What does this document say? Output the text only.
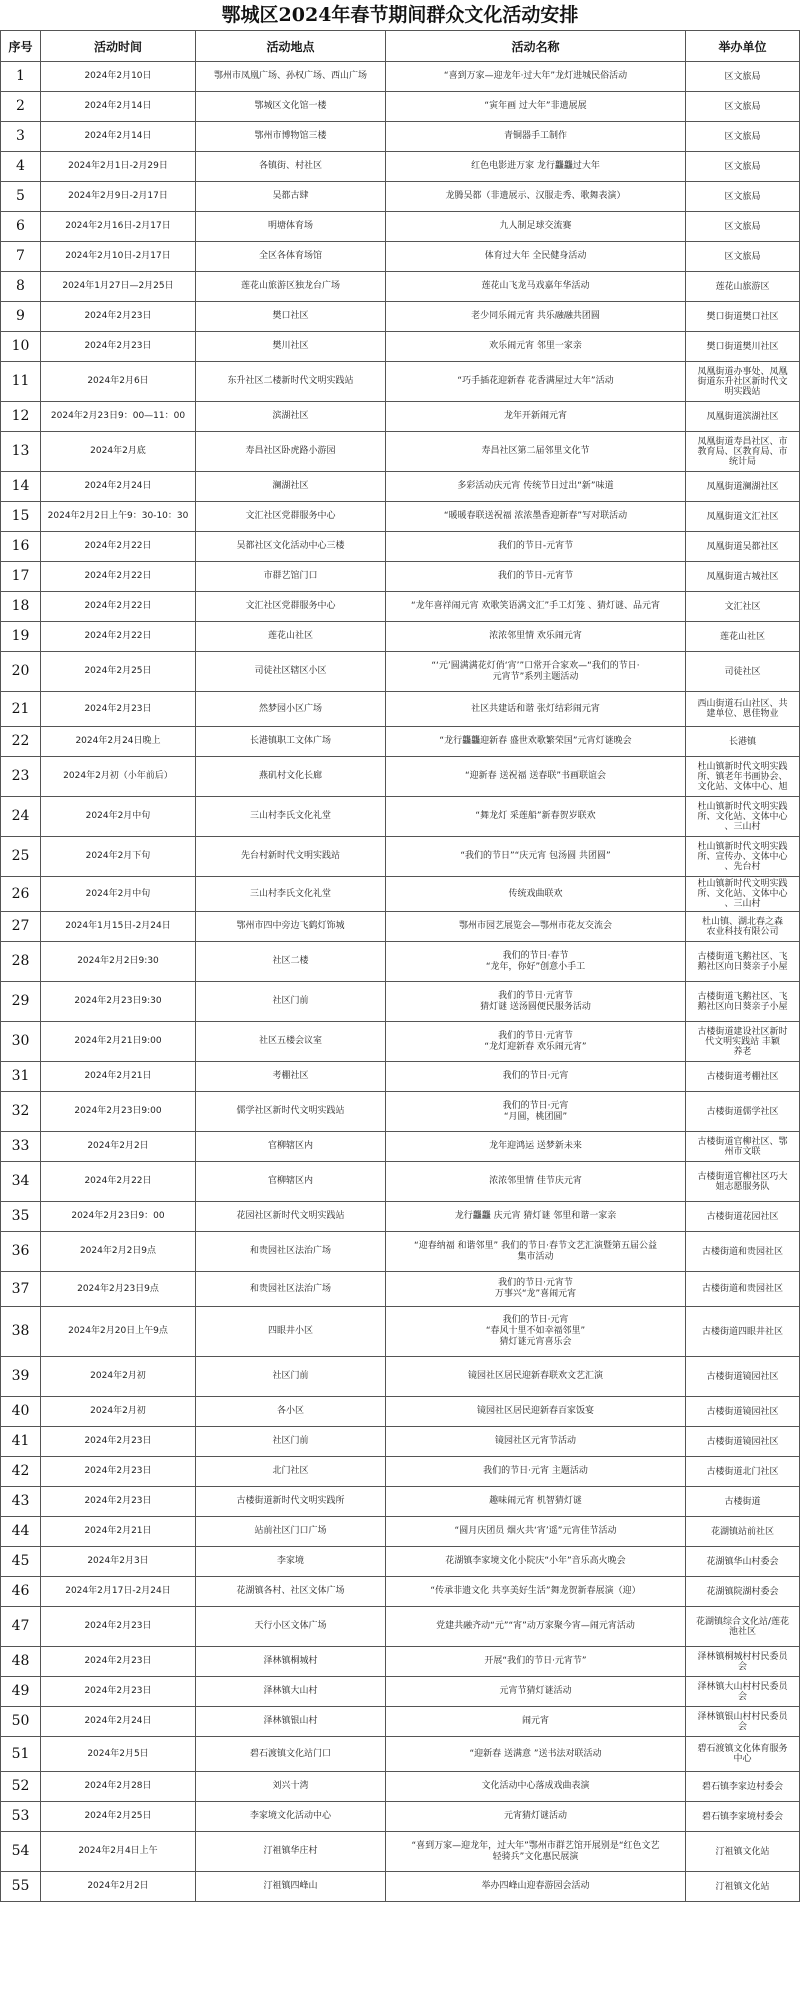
鄂城区2024年春节期间群众文化活动安排
序号	活动时间	活动地点	活动名称	举办单位
1	2024年2月10日	鄂州市凤凰广场、孙权广场、西山广场	“喜到万家—迎龙年·过大年”龙灯进城民俗活动	区文旅局
2	2024年2月14日	鄂城区文化馆一楼	“寅年画 过大年”非遗展展	区文旅局
3	2024年2月14日	鄂州市博物馆三楼	青铜器手工制作	区文旅局
4	2024年2月1日-2月29日	各镇街、村社区	红色电影进万家 龙行龘龘过大年	区文旅局
5	2024年2月9日-2月17日	吴都古肆	龙腾吴都（非遗展示、汉服走秀、歌舞表演）	区文旅局
6	2024年2月16日-2月17日	明塘体育场	九人制足球交流赛	区文旅局
7	2024年2月10日-2月17日	全区各体育场馆	体育过大年 全民健身活动	区文旅局
8	2024年1月27日—2月25日	莲花山旅游区独龙台广场	莲花山飞龙马戏嘉年华活动	莲花山旅游区
9	2024年2月23日	樊口社区	老少同乐闹元宵 共乐融融共团圆	樊口街道樊口社区
10	2024年2月23日	樊川社区	欢乐闹元宵 邻里一家亲	樊口街道樊川社区
11	2024年2月6日	东升社区二楼新时代文明实践站	“巧手插花迎新春 花香满屋过大年”活动	凤凰街道办事处、凤凰
街道东升社区新时代文
明实践站

12	2024年2月23日9：00—11：00	滨湖社区	龙年开新闹元宵	凤凰街道滨湖社区
13	2024年2月底	寿昌社区卧虎路小游园	寿昌社区第二届邻里文化节	凤凰街道寿昌社区、市
教育局、区教育局、市
统计局

14	2024年2月24日	澜湖社区	多彩活动庆元宵 传统节日过出“新”味道	凤凰街道澜湖社区
15	2024年2月2日上午9：30-10：30	文汇社区党群服务中心	“暖暖春联送祝福 浓浓墨香迎新春”写对联活动	凤凰街道文汇社区
16	2024年2月22日	吴都社区文化活动中心三楼	我们的节日-元宵节	凤凰街道吴都社区
17	2024年2月22日	市群艺馆门口	我们的节日-元宵节	凤凰街道古城社区
18	2024年2月22日	文汇社区党群服务中心	“龙年喜祥闹元宵 欢歌笑语满文汇”手工灯笼 、猜灯谜、品元宵	文汇社区
19	2024年2月22日	莲花山社区	浓浓邻里情 欢乐闹元宵	莲花山社区
20	2024年2月25日	司徒社区辖区小区	“‘元’圆满满花灯俏‘宵’”口常开合家欢—“我们的节日·
元宵节”系列主题活动	司徒社区
21	2024年2月23日	然梦园小区广场	社区共建话和谐 张灯结彩闹元宵	西山街道石山社区、共
建单位、恩佳物业

22	2024年2月24日晚上	长港镇职工文体广场	“龙行龘龘迎新春 盛世欢歌繁荣国”元宵灯谜晚会	长港镇
23	2024年2月初（小年前后）	燕矶村文化长廊	“迎新春 送祝福 送春联”书画联谊会	杜山镇新时代文明实践
所、镇老年书画协会、
文化站、文体中心、旭

24	2024年2月中旬	三山村李氏文化礼堂	“舞龙灯 采莲船”新春贺岁联欢	杜山镇新时代文明实践
所、文化站、文体中心
、三山村

25	2024年2月下旬	先台村新时代文明实践站	“我们的节日”“庆元宵 包汤圆 共团圆”	杜山镇新时代文明实践
所、宣传办、文体中心
、先台村

26	2024年2月中旬	三山村李氏文化礼堂	传统戏曲联欢	杜山镇新时代文明实践
所、文化站、文体中心
、三山村

27	2024年1月15日-2月24日	鄂州市四中旁边飞鹤灯饰城	鄂州市园艺展览会—鄂州市花友交流会	杜山镇、湖北春之森
农业科技有限公司

28	2024年2月2日9:30	社区二楼	我们的节日·春节
“龙年，你好”创意小手工	古楼街道飞鹅社区、飞
鹅社区向日葵亲子小屋

29	2024年2月23日9:30	社区门前	我们的节日·元宵节
猜灯谜 送汤圆便民服务活动	古楼街道飞鹅社区、飞
鹅社区向日葵亲子小屋

30	2024年2月21日9:00	社区五楼会议室	我们的节日·元宵节
“龙灯迎新春 欢乐闹元宵”	古楼街道建设社区新时
代文明实践站 丰颖
养老

31	2024年2月21日	考棚社区	我们的节日·元宵	古楼街道考棚社区
32	2024年2月23日9:00	儒学社区新时代文明实践站	我们的节日·元宵
“月圆，桃团圆”	古楼街道儒学社区
33	2024年2月2日	官柳辖区内	龙年迎鸿运 送梦新未来	古楼街道官柳社区、鄂
州市文联

34	2024年2月22日	官柳辖区内	浓浓邻里情 佳节庆元宵	古楼街道官柳社区巧大
姐志愿服务队

35	2024年2月23日9：00	花园社区新时代文明实践站	龙行龘龘 庆元宵 猜灯谜 邻里和谐一家亲	古楼街道花园社区
36	2024年2月2日9点	和贵园社区法治广场	“迎春纳福 和谐邻里” 我们的节日·春节文艺汇演暨第五届公益
集市活动	古楼街道和贵园社区
37	2024年2月23日9点	和贵园社区法治广场	我们的节日·元宵节
万事兴“龙”喜闹元宵	古楼街道和贵园社区
38	2024年2月20日上午9点	四眼井小区	我们的节日·元宵
“春风十里不如幸福邻里”
猜灯谜元宵喜乐会	古楼街道四眼井社区
39	2024年2月初	社区门前	镜园社区居民迎新春联欢文艺汇演	古楼街道镜园社区
40	2024年2月初	各小区	镜园社区居民迎新春百家饭宴	古楼街道镜园社区
41	2024年2月23日	社区门前	镜园社区元宵节活动	古楼街道镜园社区
42	2024年2月23日	北门社区	我们的节日·元宵 主题活动	古楼街道北门社区
43	2024年2月23日	古楼街道新时代文明实践所	趣味闹元宵 机智猜灯谜	古楼街道
44	2024年2月21日	站前社区门口广场	“圆月庆团员 烟火共‘宵’遥”元宵佳节活动	花湖镇站前社区
45	2024年2月3日	李家境	花湖镇李家境文化小院庆“小年”音乐高火晚会	花湖镇华山村委会
46	2024年2月17日-2月24日	花湖镇各村、社区文体广场	“传承非遗文化 共享美好生活”舞龙贺新春展演（迎）	花湖镇院湖村委会
47	2024年2月23日	天行小区文体广场	党建共融齐动“元”“宵”动万家聚今宵—闹元宵活动	花湖镇综合文化站/莲花
池社区

48	2024年2月23日	泽林镇桐城村	开展“我们的节日·元宵节”	泽林镇桐城村村民委员
会

49	2024年2月23日	泽林镇大山村	元宵节猜灯谜活动	泽林镇大山村村民委员
会

50	2024年2月24日	泽林镇银山村	闹元宵	泽林镇银山村村民委员
会

51	2024年2月5日	碧石渡镇文化站门口	“迎新春 送满意 ”送书法对联活动	碧石渡镇文化体育服务
中心

52	2024年2月28日	刘兴十湾	文化活动中心落成戏曲表演	碧石镇李家边村委会
53	2024年2月25日	李家境文化活动中心	元宵猜灯谜活动	碧石镇李家境村委会
54	2024年2月4日上午	汀祖镇华庄村	“喜到万家—迎龙年，过大年”鄂州市群艺馆开展别是“红色文艺
轻骑兵”文化惠民展演	汀祖镇文化站
55	2024年2月2日	汀祖镇四峰山	举办四峰山迎春游园会活动	汀祖镇文化站
